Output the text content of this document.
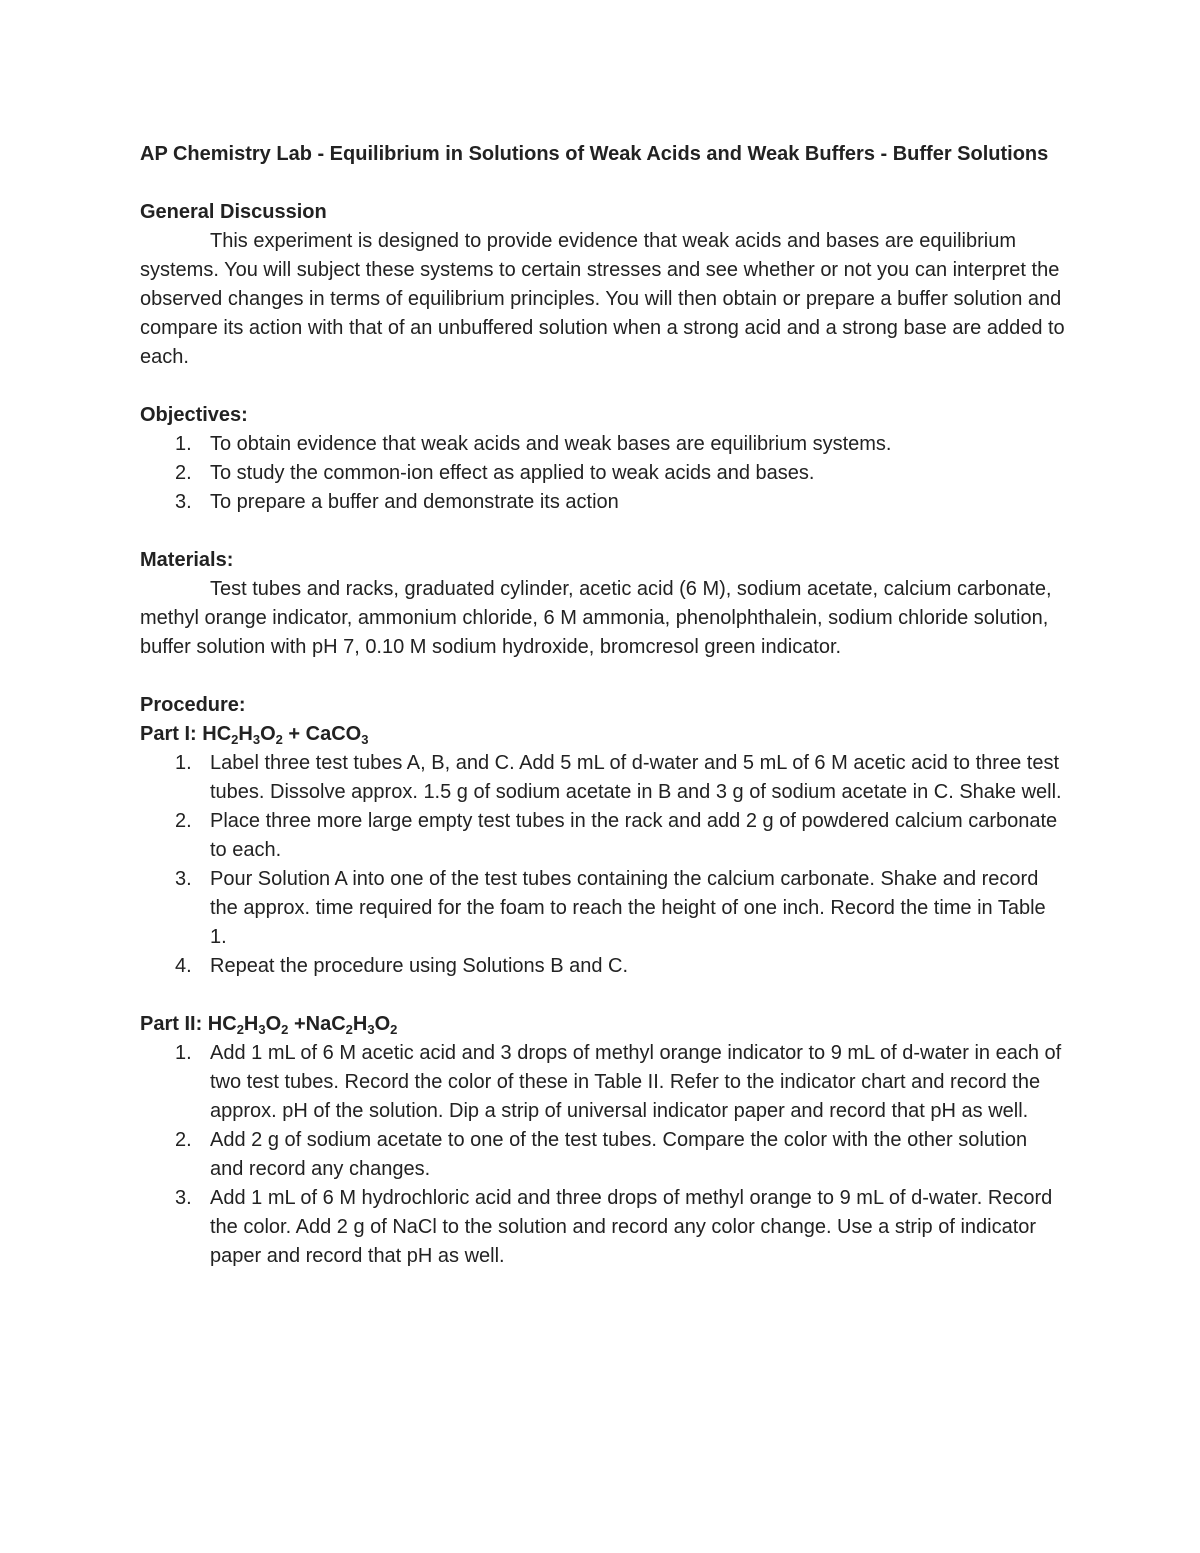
AP Chemistry Lab - Equilibrium in Solutions of Weak Acids and Weak Buffers - Buffer Solutions

General Discussion

This experiment is designed to provide evidence that weak acids and bases are equilibrium systems. You will subject these systems to certain stresses and see whether or not you can interpret the observed changes in terms of equilibrium principles. You will then obtain or prepare a buffer solution and compare its action with that of an unbuffered solution when a strong acid and a strong base are added to each.

Objectives:

1. To obtain evidence that weak acids and weak bases are equilibrium systems.
2. To study the common-ion effect as applied to weak acids and bases.
3. To prepare a buffer and demonstrate its action

Materials:

Test tubes and racks, graduated cylinder, acetic acid (6 M), sodium acetate, calcium carbonate, methyl orange indicator, ammonium chloride, 6 M ammonia, phenolphthalein, sodium chloride solution, buffer solution with pH 7, 0.10 M sodium hydroxide, bromcresol green indicator.

Procedure:

Part I: $HC_2H_3O_2$ + CaCO$_3$

1. Label three test tubes A, B, and C. Add 5 mL of d-water and 5 mL of 6 M acetic acid to three test tubes. Dissolve approx. 1.5 g of sodium acetate in B and 3 g of sodium acetate in C. Shake well.
2. Place three more large empty test tubes in the rack and add 2 g of powdered calcium carbonate to each.
3. Pour Solution A into one of the test tubes containing the calcium carbonate. Shake and record the approx. time required for the foam to reach the height of one inch. Record the time in Table 1.
4. Repeat the procedure using Solutions B and C.

Part II: $HC_2H_3O_2 +NaC_2H_3O_2$

1. Add 1 mL of 6 M acetic acid and 3 drops of methyl orange indicator to 9 mL of d-water in each of two test tubes. Record the color of these in Table II. Refer to the indicator chart and record the approx. pH of the solution. Dip a strip of universal indicator paper and record that pH as well.
2. Add 2 g of sodium acetate to one of the test tubes. Compare the color with the other solution and record any changes.
3. Add 1 mL of 6 M hydrochloric acid and three drops of methyl orange to 9 mL of d-water. Record the color. Add 2 g of NaCl to the solution and record any color change. Use a strip of indicator paper and record that pH as well.
